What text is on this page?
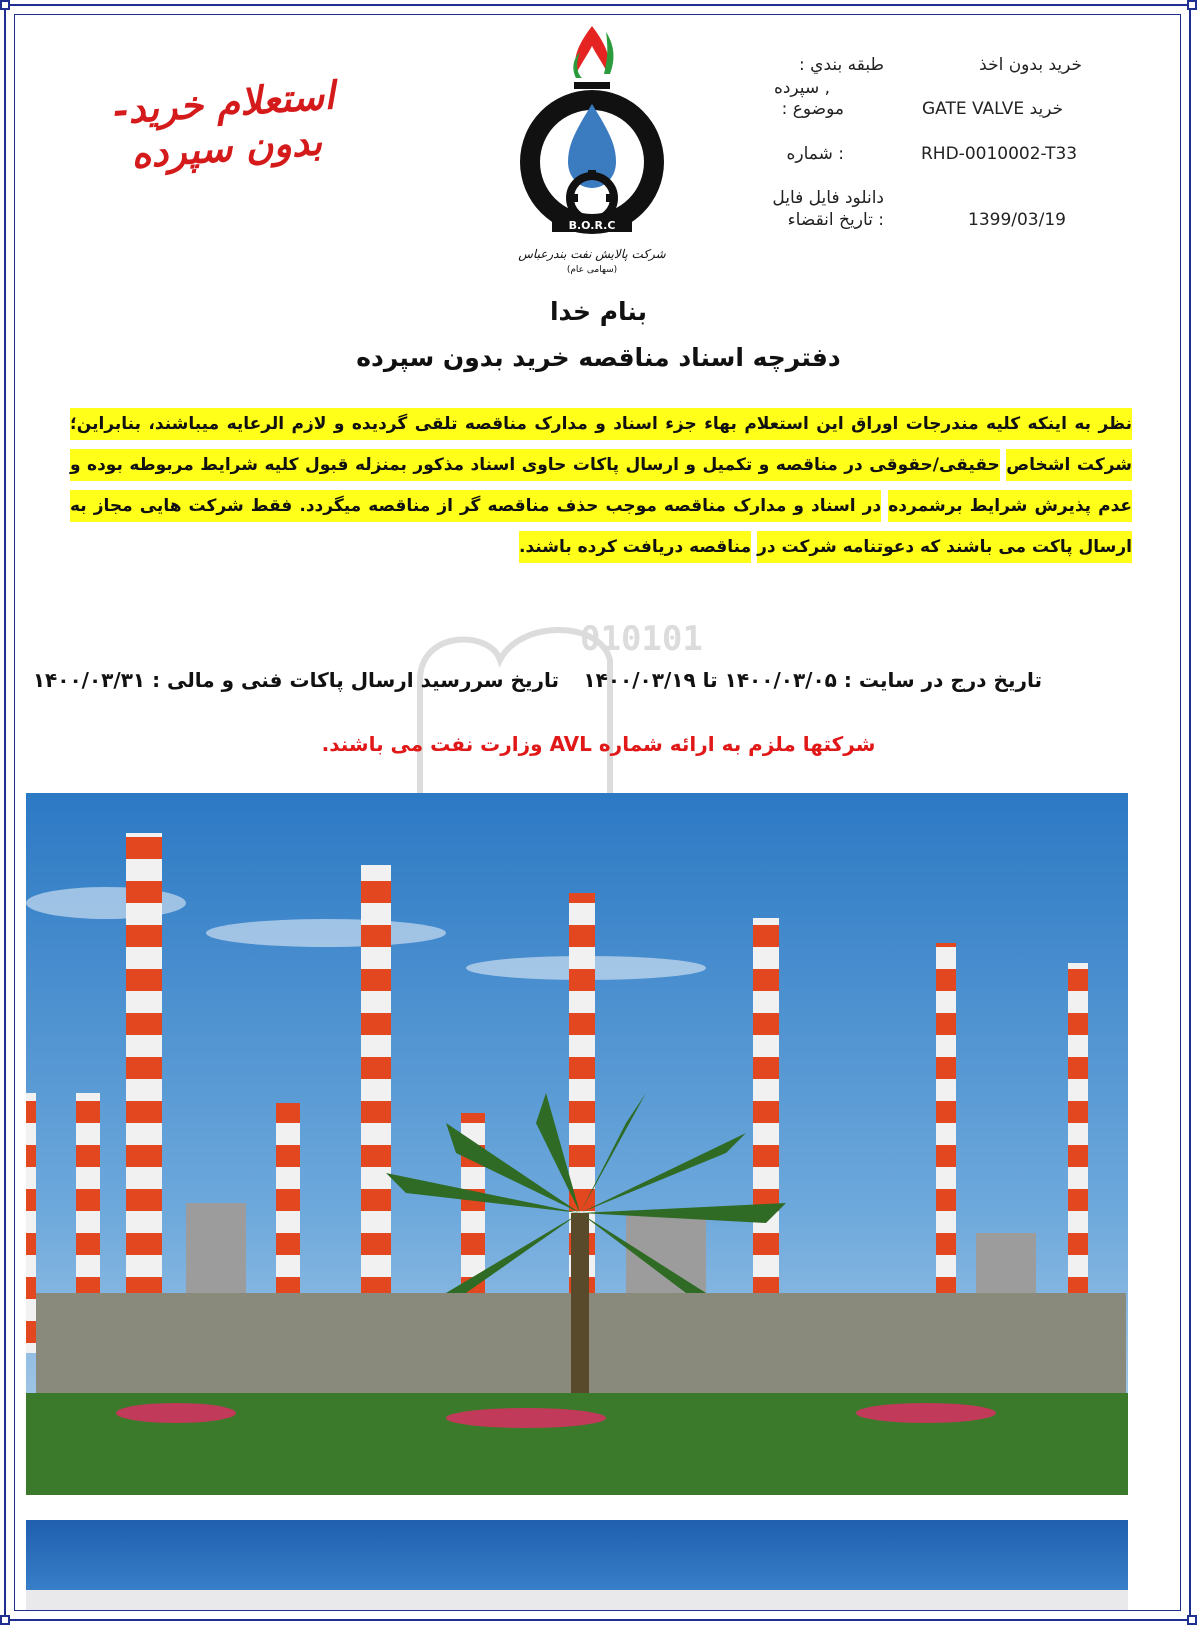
طبقه بندي :
, سپرده
موضوع :
: شماره
دانلود فایل فایل
: تاریخ انقضاء
خرید بدون اخذ
GATE VALVE خرید
RHD-0010002-T33
1399/03/19
استعلام خرید- بدون سپرده
B.O.R.C
شرکت پالایش نفت بندرعباس
(سهامی عام)
بنام خدا
دفترچه اسناد مناقصه خرید بدون سپرده
نظر به اینکه کلیه مندرجات اوراق این استعلام بهاء جزء اسناد و مدارک مناقصه تلقی گردیده و لازم الرعایه میباشند، بنابراین؛ شرکت اشخاص حقیقی/حقوقی در مناقصه و تکمیل و ارسال پاکات حاوی اسناد مذکور بمنزله قبول کلیه شرایط مربوطه بوده و عدم پذیرش شرایط برشمرده در اسناد و مدارک مناقصه موجب حذف مناقصه گر از مناقصه میگردد. فقط شرکت هایی مجاز به ارسال پاکت می باشند که دعوتنامه شرکت در مناقصه دریافت کرده باشند.
010101
تاریخ درج در سایت : ۱۴۰۰/۰۳/۰۵ تا ۱۴۰۰/۰۳/۱۹
تاریخ سررسید ارسال پاکات فنی و مالی : ۱۴۰۰/۰۳/۳۱
شرکتها ملزم به ارائه شماره AVL وزارت نفت می باشند.
